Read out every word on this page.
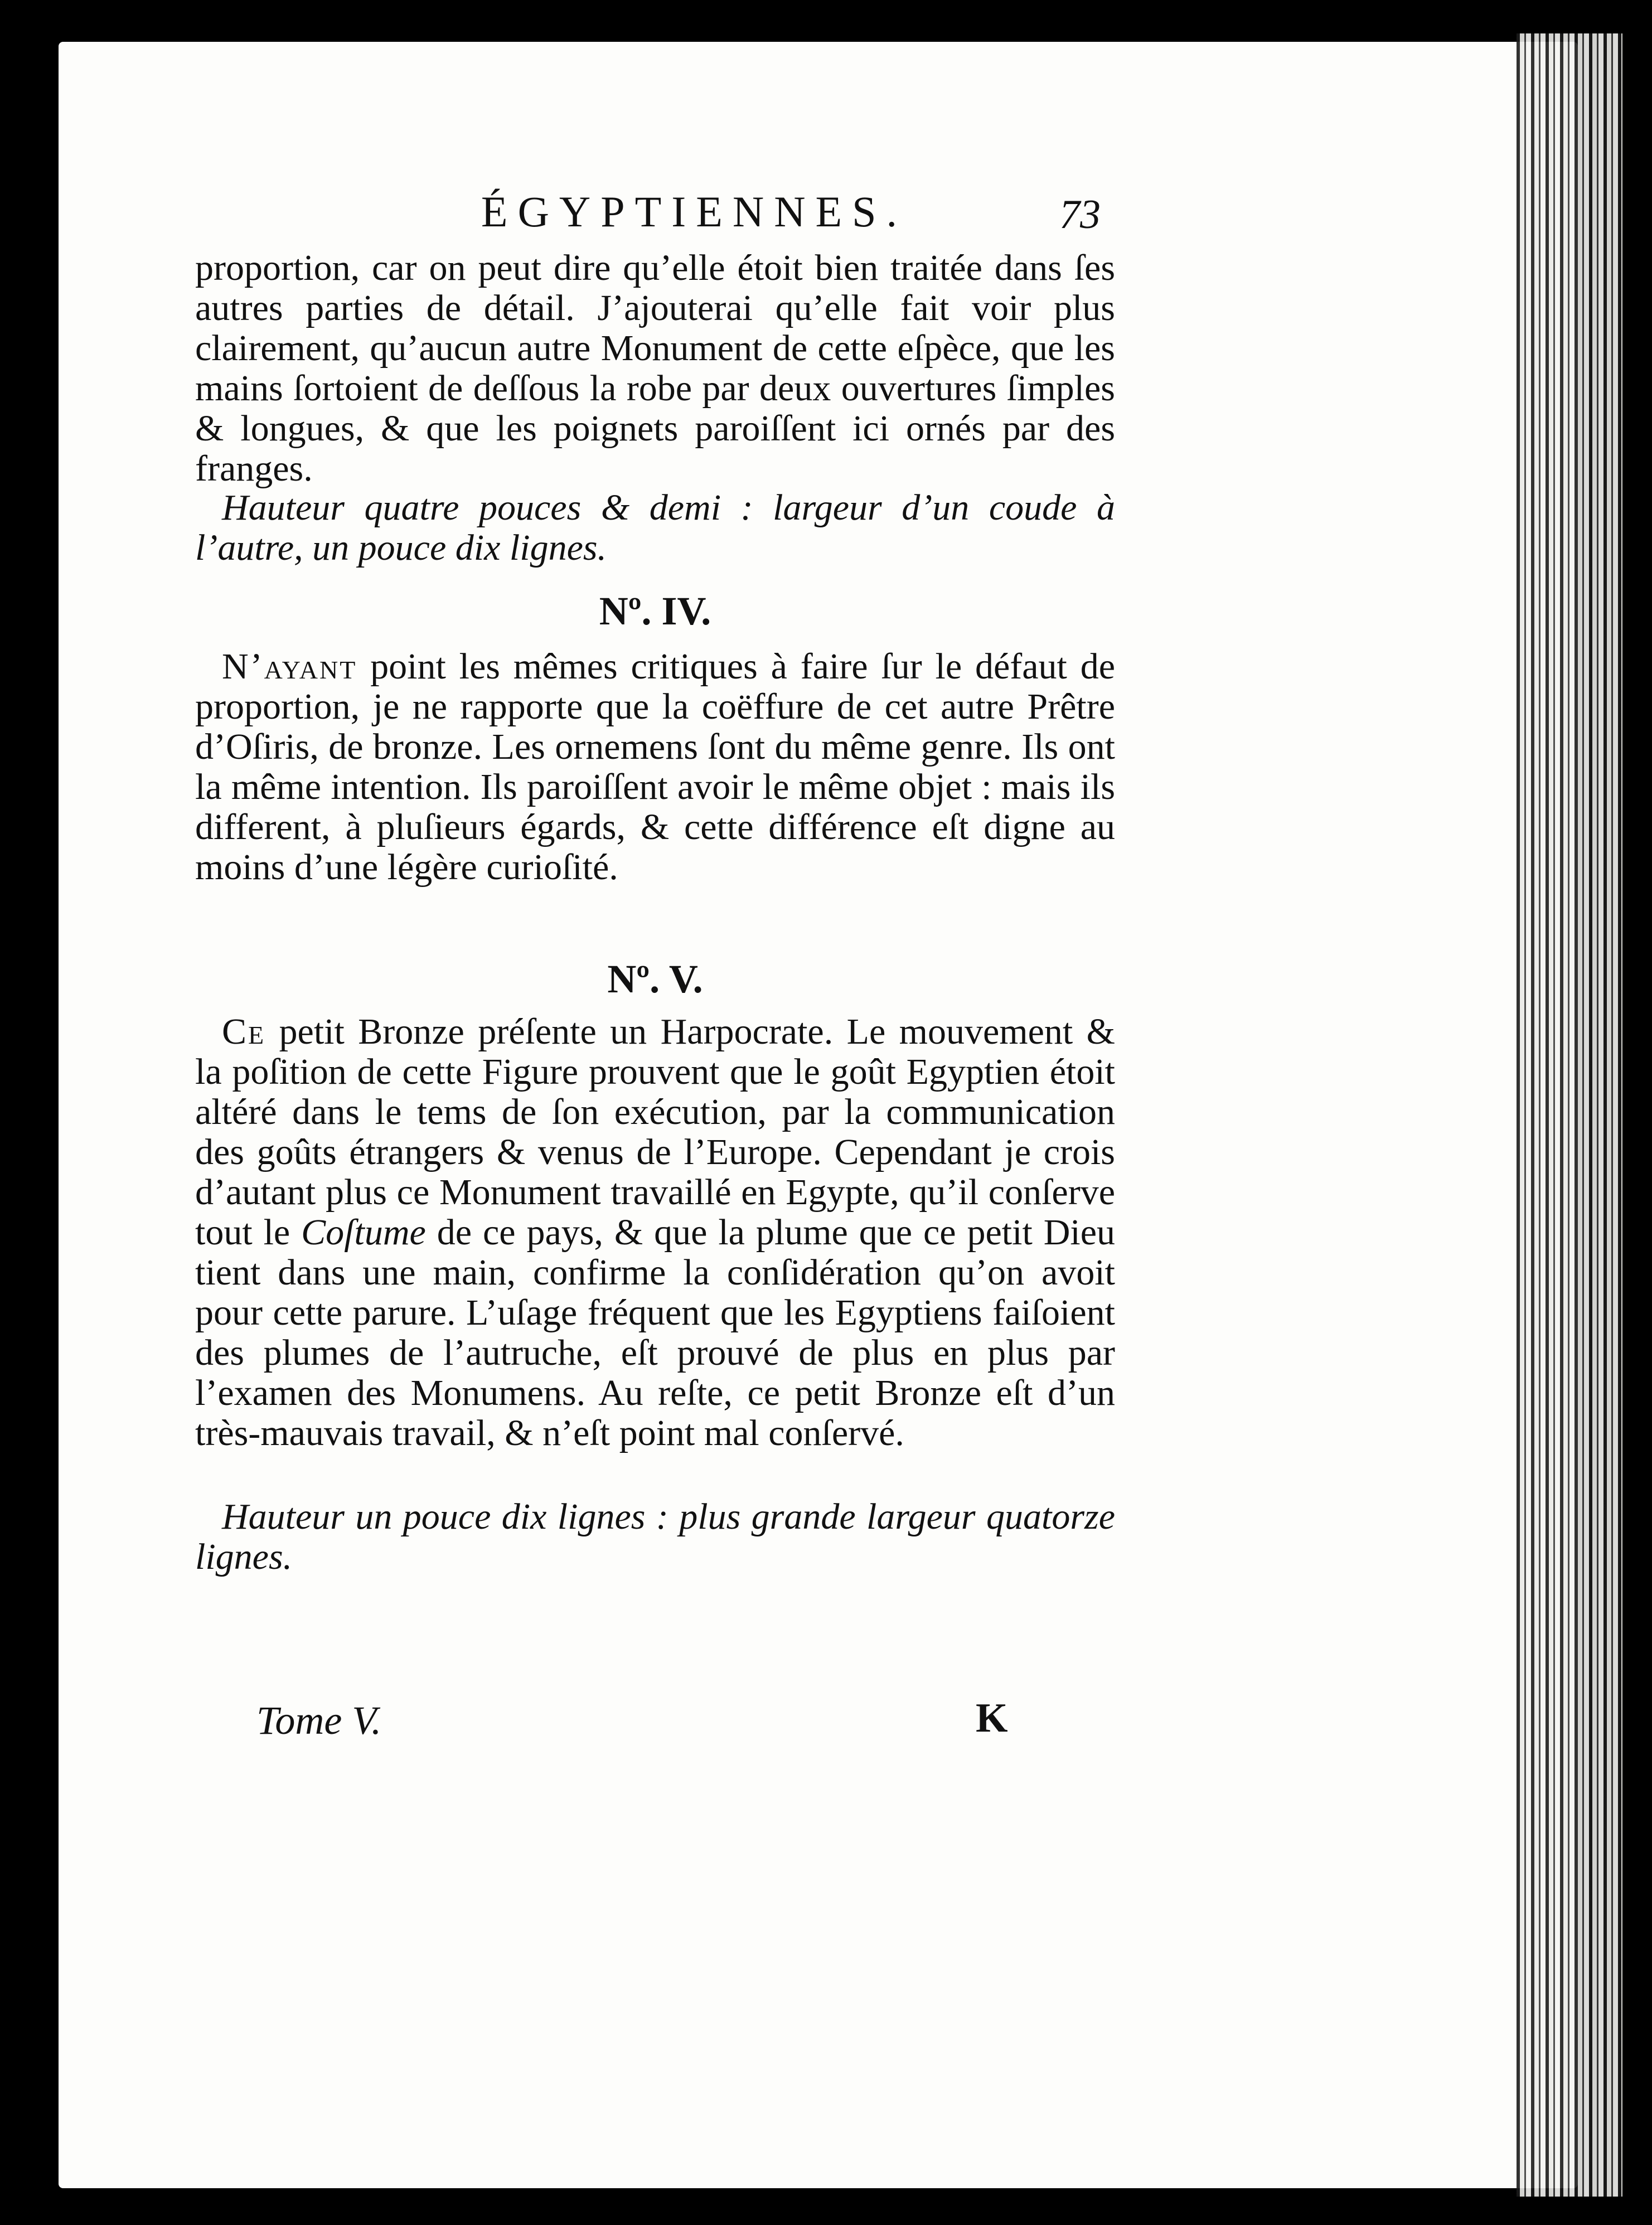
ÉGYPTIENNES.	73
proportion, car on peut dire qu’elle étoit bien traitée dans ſes autres parties de détail. J’ajouterai qu’elle fait voir plus clairement, qu’aucun autre Monument de cette eſpèce, que les mains ſortoient de deſſous la robe par deux ouvertures ſimples & longues, & que les poignets paroiſſent ici ornés par des franges.
Hauteur quatre pouces & demi : largeur d’un coude à l’autre, un pouce dix lignes.
Nº. IV.
N’ayant point les mêmes critiques à faire ſur le défaut de proportion, je ne rapporte que la coëffure de cet autre Prêtre d’Oſiris, de bronze. Les ornemens ſont du même genre. Ils ont la même intention. Ils paroiſſent avoir le même objet : mais ils different, à pluſieurs égards, & cette différence eſt digne au moins d’une légère curioſité.
Nº. V.
Ce petit Bronze préſente un Harpocrate. Le mouvement & la poſition de cette Figure prouvent que le goût Egyptien étoit altéré dans le tems de ſon exécution, par la communication des goûts étrangers & venus de l’Europe. Cependant je crois d’autant plus ce Monument travaillé en Egypte, qu’il conſerve tout le Coſtume de ce pays, & que la plume que ce petit Dieu tient dans une main, confirme la conſidération qu’on avoit pour cette parure. L’uſage fréquent que les Egyptiens faiſoient des plumes de l’autruche, eſt prouvé de plus en plus par l’examen des Monumens. Au reſte, ce petit Bronze eſt d’un très-mauvais travail, & n’eſt point mal conſervé.
Hauteur un pouce dix lignes : plus grande largeur quatorze lignes.
Tome V.	K
